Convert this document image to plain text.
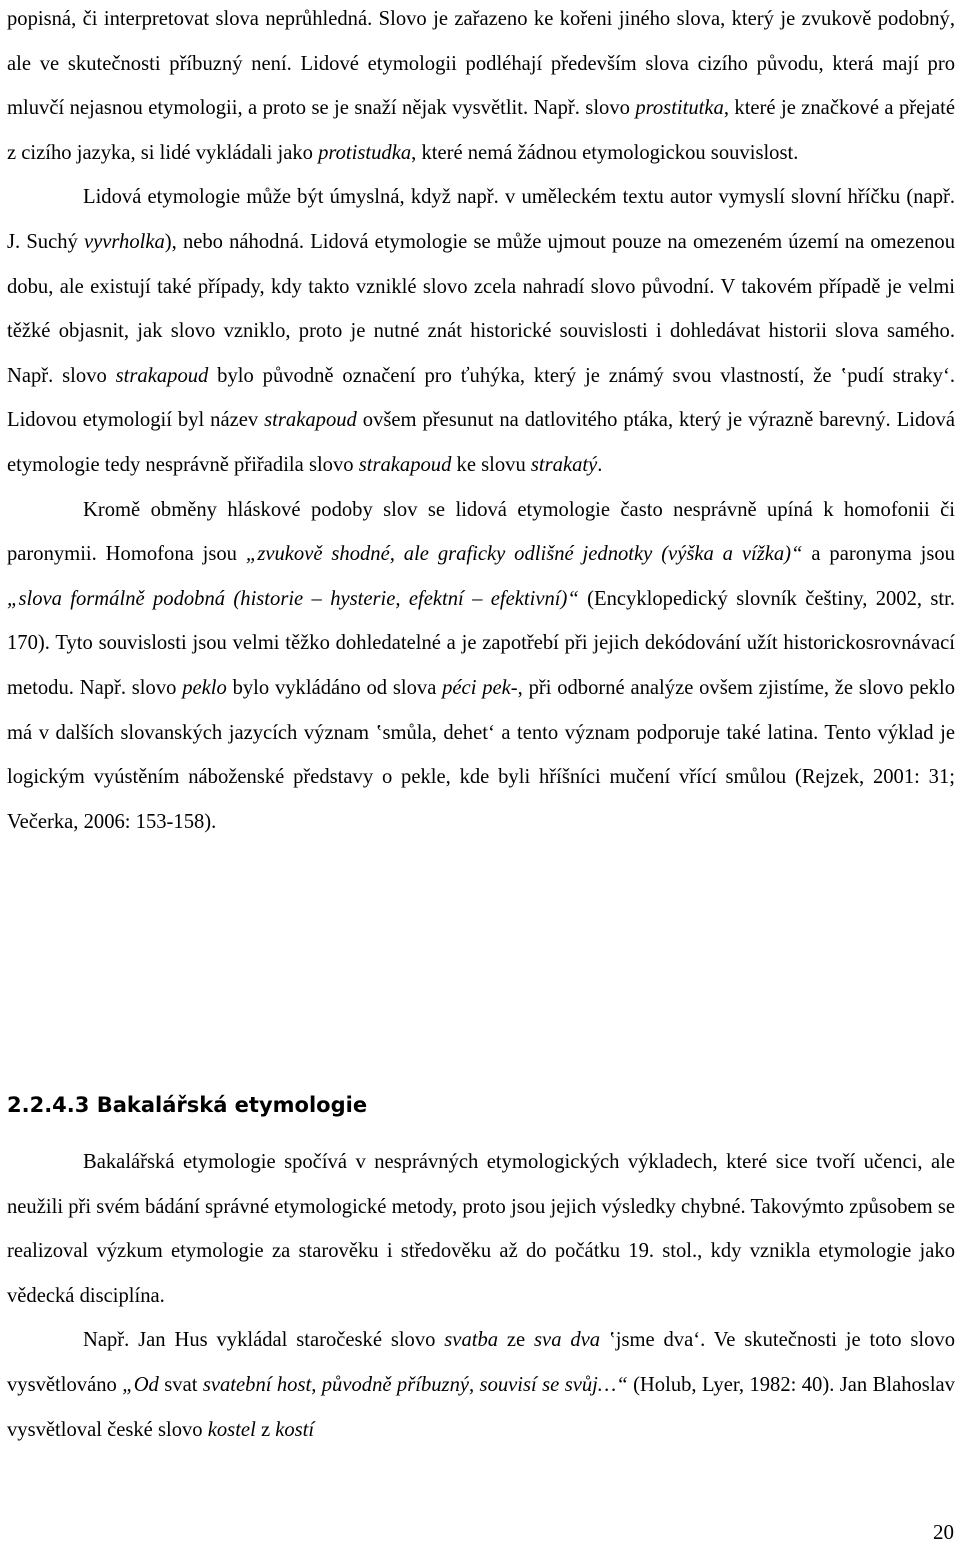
popisná, či interpretovat slova neprůhledná. Slovo je zařazeno ke kořeni jiného slova, který je zvukově podobný, ale ve skutečnosti příbuzný není. Lidové etymologii podléhají především slova cizího původu, která mají pro mluvčí nejasnou etymologii, a proto se je snaží nějak vysvětlit. Např. slovo prostitutka, které je značkové a přejaté z cizího jazyka, si lidé vykládali jako protistudka, které nemá žádnou etymologickou souvislost.

Lidová etymologie může být úmyslná, když např. v uměleckém textu autor vymyslí slovní hříčku (např. J. Suchý vyvrholka), nebo náhodná. Lidová etymologie se může ujmout pouze na omezeném území na omezenou dobu, ale existují také případy, kdy takto vzniklé slovo zcela nahradí slovo původní. V takovém případě je velmi těžké objasnit, jak slovo vzniklo, proto je nutné znát historické souvislosti i dohledávat historii slova samého. Např. slovo strakapoud bylo původně označení pro ťuhýka, který je známý svou vlastností, že ‛pudí straky‘. Lidovou etymologií byl název strakapoud ovšem přesunut na datlovitého ptáka, který je výrazně barevný. Lidová etymologie tedy nesprávně přiřadila slovo strakapoud ke slovu strakatý.

Kromě obměny hláskové podoby slov se lidová etymologie často nesprávně upíná k homofonii či paronymii. Homofona jsou „zvukově shodné, ale graficky odlišné jednotky (výška a vížka)“ a paronyma jsou „slova formálně podobná (historie – hysterie, efektní – efektivní)“ (Encyklopedický slovník češtiny, 2002, str. 170). Tyto souvislosti jsou velmi těžko dohledatelné a je zapotřebí při jejich dekódování užít historickosrovnávací metodu. Např. slovo peklo bylo vykládáno od slova péci pek-, při odborné analýze ovšem zjistíme, že slovo peklo má v dalších slovanských jazycích význam ‛smůla, dehet‘ a tento význam podporuje také latina. Tento výklad je logickým vyústěním náboženské představy o pekle, kde byli hříšníci mučení vřící smůlou (Rejzek, 2001: 31; Večerka, 2006: 153-158).

2.2.4.3 Bakalářská etymologie

Bakalářská etymologie spočívá v nesprávných etymologických výkladech, které sice tvoří učenci, ale neužili při svém bádání správné etymologické metody, proto jsou jejich výsledky chybné. Takovýmto způsobem se realizoval výzkum etymologie za starověku i středověku až do počátku 19. stol., kdy vznikla etymologie jako vědecká disciplína.

Např. Jan Hus vykládal staročeské slovo svatba ze sva dva ‛jsme dva‘. Ve skutečnosti je toto slovo vysvětlováno „Od svat svatební host, původně příbuzný, souvisí se svůj…“ (Holub, Lyer, 1982: 40). Jan Blahoslav vysvětloval české slovo kostel z kostí

20
